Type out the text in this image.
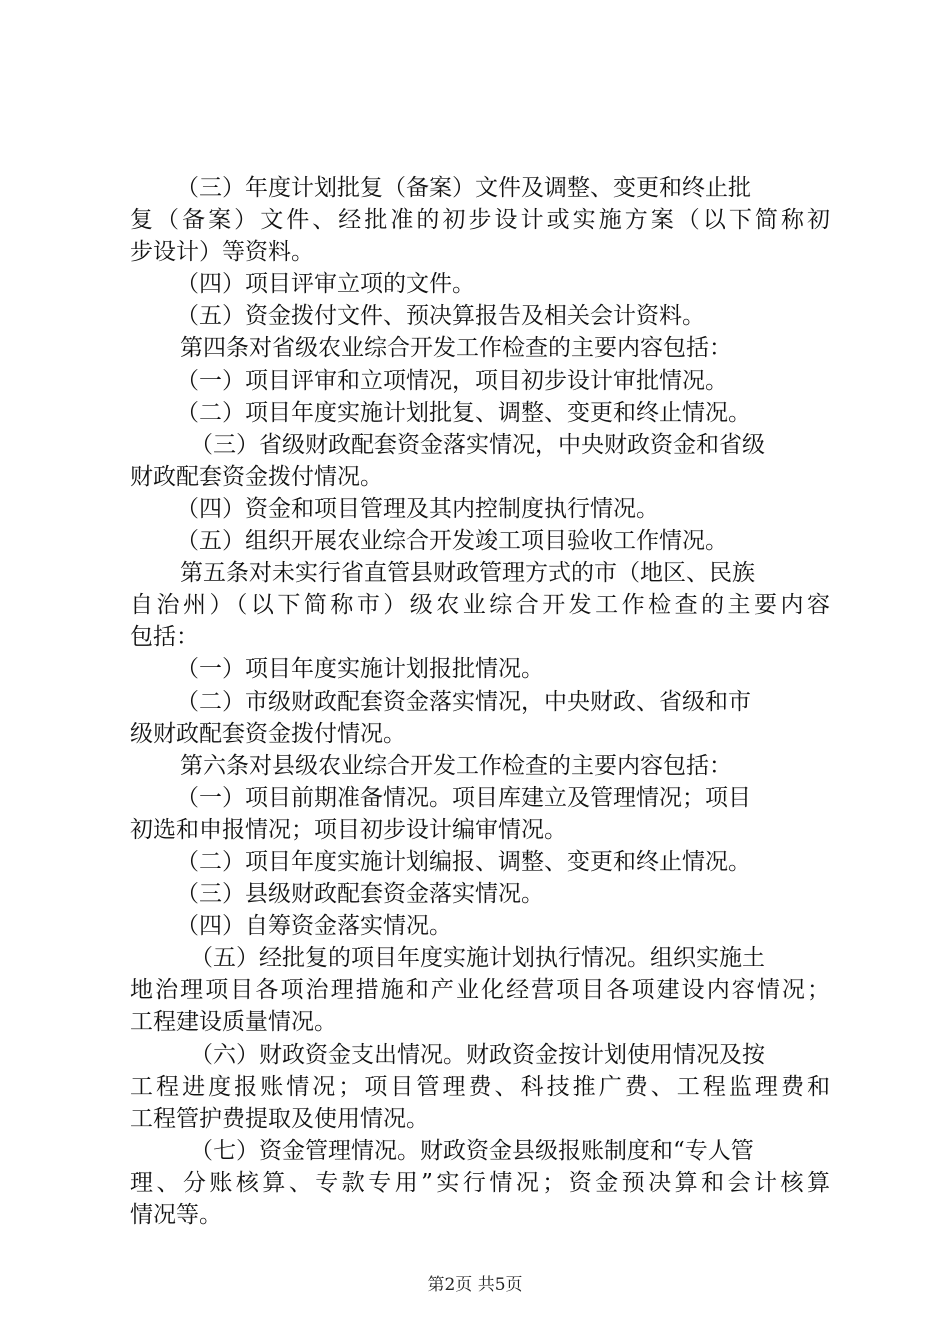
（三）年度计划批复（备案）文件及调整、变更和终止批
复（备案）文件、经批准的初步设计或实施方案（以下简称初
步设计）等资料。
（四）项目评审立项的文件。
（五）资金拨付文件、预决算报告及相关会计资料。
第四条对省级农业综合开发工作检查的主要内容包括：
（一）项目评审和立项情况，项目初步设计审批情况。
（二）项目年度实施计划批复、调整、变更和终止情况。
（三）省级财政配套资金落实情况，中央财政资金和省级
财政配套资金拨付情况。
（四）资金和项目管理及其内控制度执行情况。
（五）组织开展农业综合开发竣工项目验收工作情况。
第五条对未实行省直管县财政管理方式的市（地区、民族
自治州）（以下简称市）级农业综合开发工作检查的主要内容
包括：
（一）项目年度实施计划报批情况。
（二）市级财政配套资金落实情况，中央财政、省级和市
级财政配套资金拨付情况。
第六条对县级农业综合开发工作检查的主要内容包括：
（一）项目前期准备情况。项目库建立及管理情况；项目
初选和申报情况；项目初步设计编审情况。
（二）项目年度实施计划编报、调整、变更和终止情况。
（三）县级财政配套资金落实情况。
（四）自筹资金落实情况。
（五）经批复的项目年度实施计划执行情况。组织实施土
地治理项目各项治理措施和产业化经营项目各项建设内容情况；
工程建设质量情况。
（六）财政资金支出情况。财政资金按计划使用情况及按
工程进度报账情况；项目管理费、科技推广费、工程监理费和
工程管护费提取及使用情况。
（七）资金管理情况。财政资金县级报账制度和“专人管
理、分账核算、专款专用”实行情况；资金预决算和会计核算
情况等。
第2页 共5页
